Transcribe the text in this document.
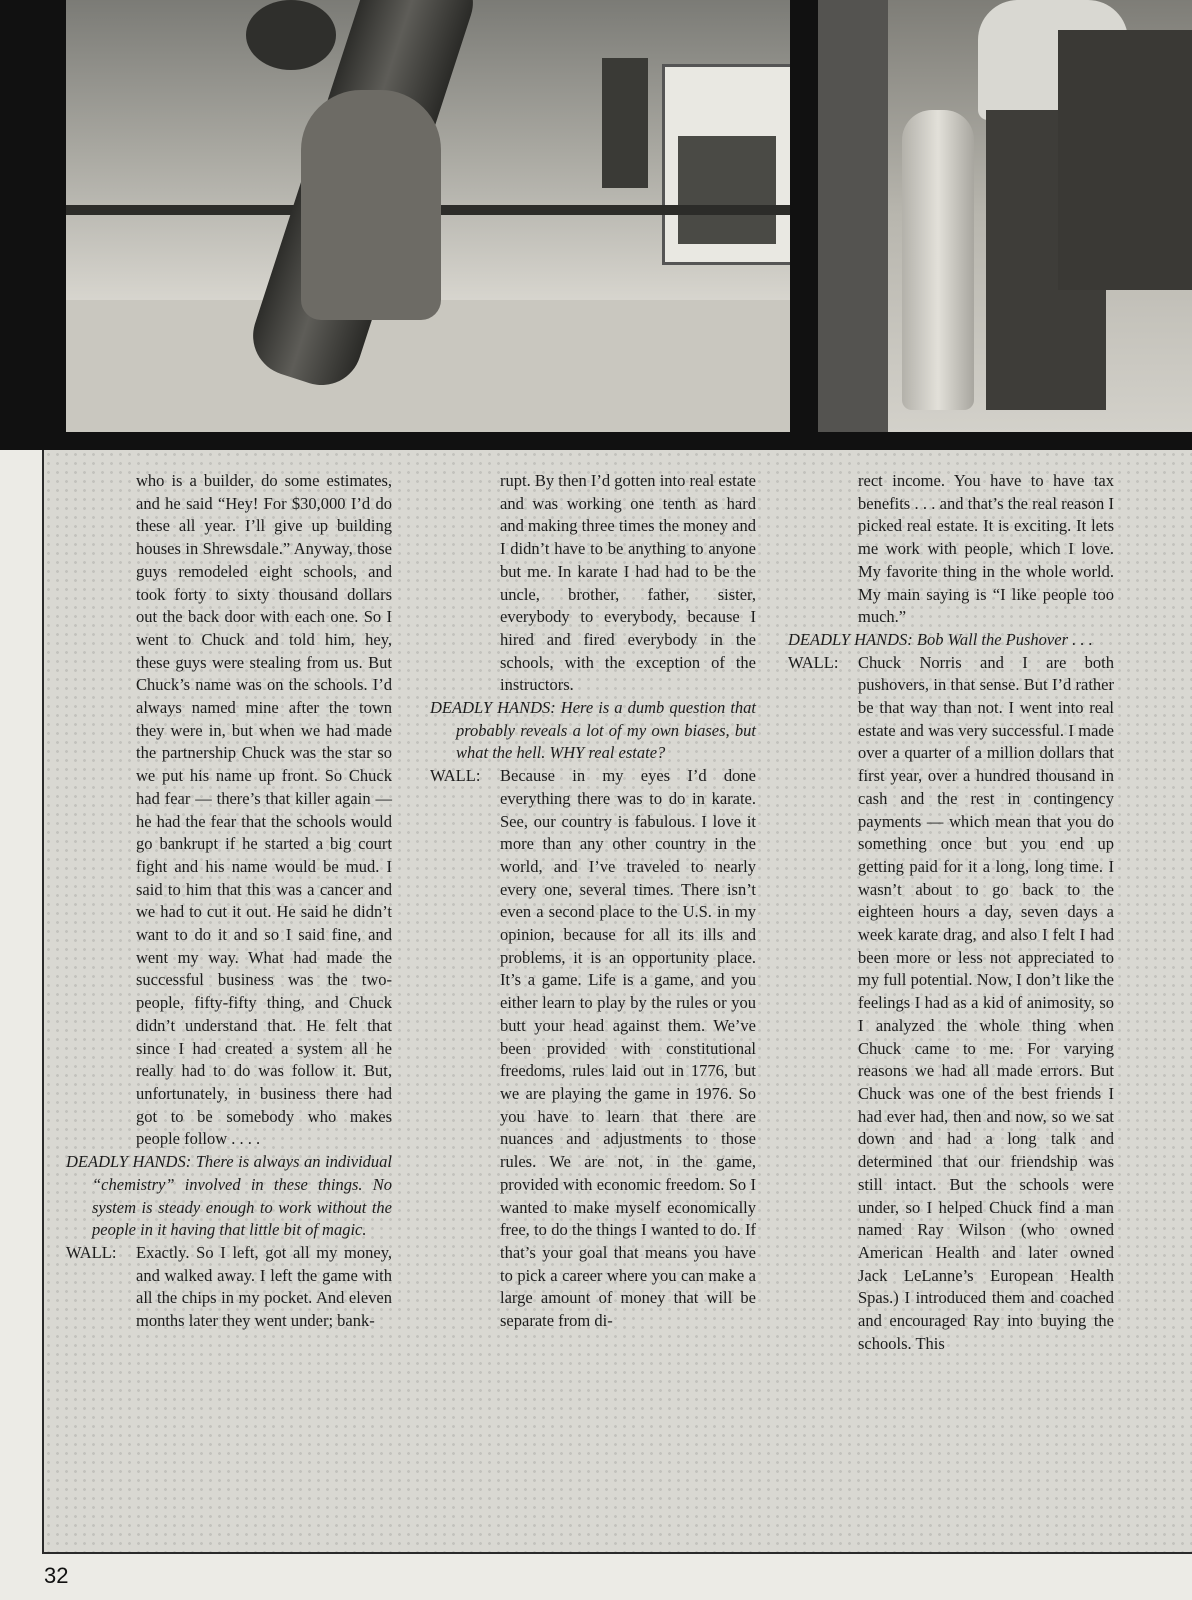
who is a builder, do some estimates, and he said “Hey! For $30,000 I’d do these all year. I’ll give up building houses in Shrewsdale.” Anyway, those guys remodeled eight schools, and took forty to sixty thousand dollars out the back door with each one. So I went to Chuck and told him, hey, these guys were stealing from us. But Chuck’s name was on the schools. I’d always named mine after the town they were in, but when we had made the partnership Chuck was the star so we put his name up front. So Chuck had fear — there’s that killer again — he had the fear that the schools would go bankrupt if he started a big court fight and his name would be mud. I said to him that this was a cancer and we had to cut it out. He said he didn’t want to do it and so I said fine, and went my way. What had made the successful business was the two-people, fifty-fifty thing, and Chuck didn’t understand that. He felt that since I had created a system all he really had to do was follow it. But, unfortunately, in business there had got to be somebody who makes people follow . . . .

DEADLY HANDS: There is always an individual “chemistry” involved in these things. No system is steady enough to work without the people in it having that little bit of magic.

WALL:	Exactly. So I left, got all my money, and walked away. I left the game with all the chips in my pocket. And eleven months later they went under; bank-

rupt. By then I’d gotten into real estate and was working one tenth as hard and making three times the money and I didn’t have to be anything to anyone but me. In karate I had had to be the uncle, brother, father, sister, everybody to everybody, because I hired and fired everybody in the schools, with the exception of the instructors.

DEADLY HANDS: Here is a dumb question that probably reveals a lot of my own biases, but what the hell. WHY real estate?

WALL:	Because in my eyes I’d done everything there was to do in karate. See, our country is fabulous. I love it more than any other country in the world, and I’ve traveled to nearly every one, several times. There isn’t even a second place to the U.S. in my opinion, because for all its ills and problems, it is an opportunity place. It’s a game. Life is a game, and you either learn to play by the rules or you butt your head against them. We’ve been provided with constitutional freedoms, rules laid out in 1776, but we are playing the game in 1976. So you have to learn that there are nuances and adjustments to those rules. We are not, in the game, provided with economic freedom. So I wanted to make myself economically free, to do the things I wanted to do. If that’s your goal that means you have to pick a career where you can make a large amount of money that will be separate from di-

rect income. You have to have tax benefits . . . and that’s the real reason I picked real estate. It is exciting. It lets me work with people, which I love. My favorite thing in the whole world. My main saying is “I like people too much.”

DEADLY HANDS: Bob Wall the Pushover . . .

WALL:	Chuck Norris and I are both pushovers, in that sense. But I’d rather be that way than not. I went into real estate and was very successful. I made over a quarter of a million dollars that first year, over a hundred thousand in cash and the rest in contingency payments — which mean that you do something once but you end up getting paid for it a long, long time. I wasn’t about to go back to the eighteen hours a day, seven days a week karate drag, and also I felt I had been more or less not appreciated to my full potential. Now, I don’t like the feelings I had as a kid of animosity, so I analyzed the whole thing when Chuck came to me. For varying reasons we had all made errors. But Chuck was one of the best friends I had ever had, then and now, so we sat down and had a long talk and determined that our friendship was still intact. But the schools were under, so I helped Chuck find a man named Ray Wilson (who owned American Health and later owned Jack LeLanne’s European Health Spas.) I introduced them and coached and encouraged Ray into buying the schools. This
32
